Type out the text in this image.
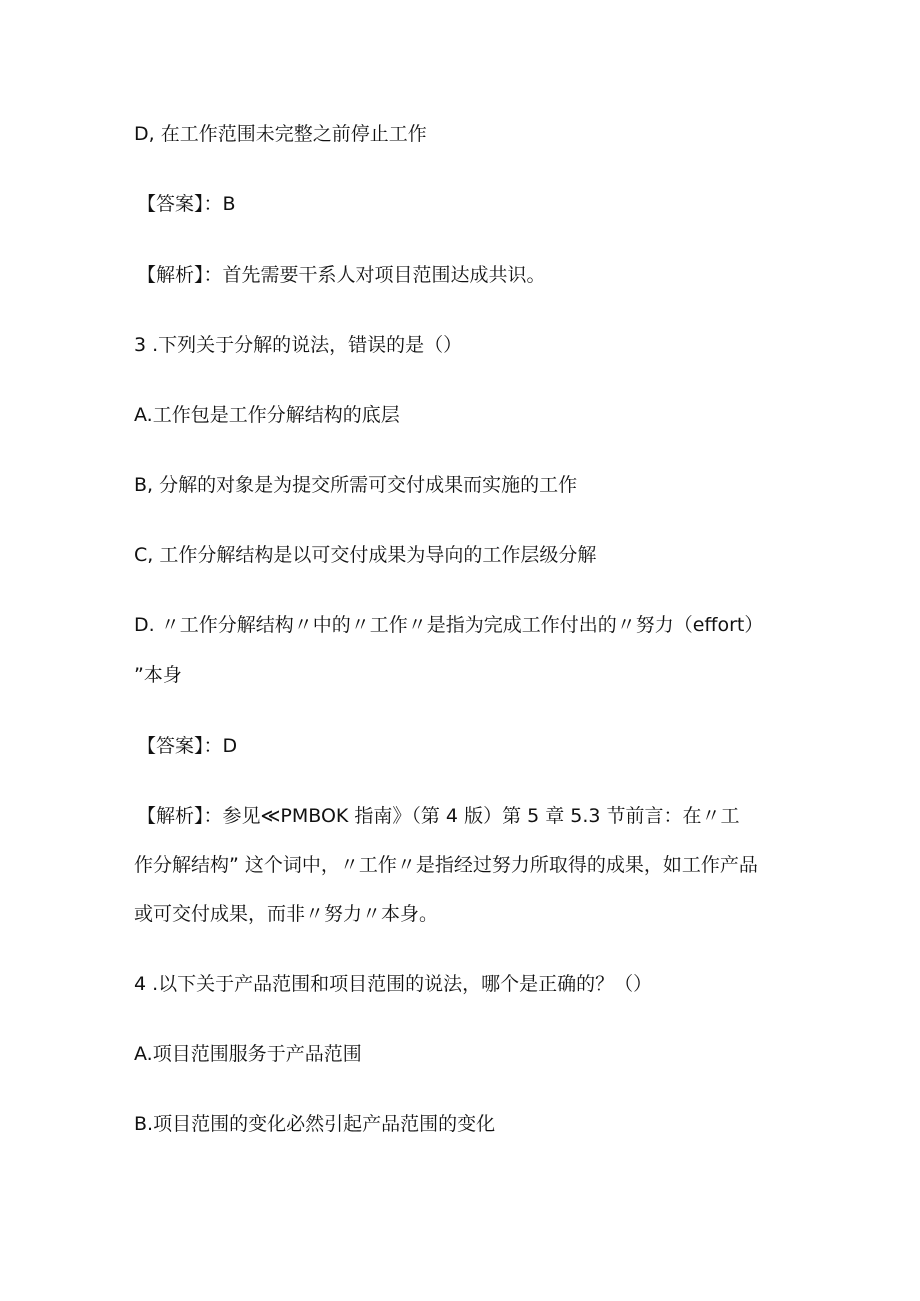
D, 在工作范围未完整之前停止工作

【答案】：B

【解析】：首先需要干系人对项目范围达成共识。

3 .下列关于分解的说法，错误的是（）

A.工作包是工作分解结构的底层

B, 分解的对象是为提交所需可交付成果而实施的工作

C, 工作分解结构是以可交付成果为导向的工作层级分解

D. 〃工作分解结构〃中的〃工作〃是指为完成工作付出的〃努力（effort）

”本身

【答案】：D

【解析】：参见≪PMBOK 指南》（第 4 版）第 5 章 5.3 节前言：在〃工

作分解结构” 这个词中，〃工作〃是指经过努力所取得的成果，如工作产品

或可交付成果，而非〃努力〃本身。

4 .以下关于产品范围和项目范围的说法，哪个是正确的？（）

A.项目范围服务于产品范围

B.项目范围的变化必然引起产品范围的变化
